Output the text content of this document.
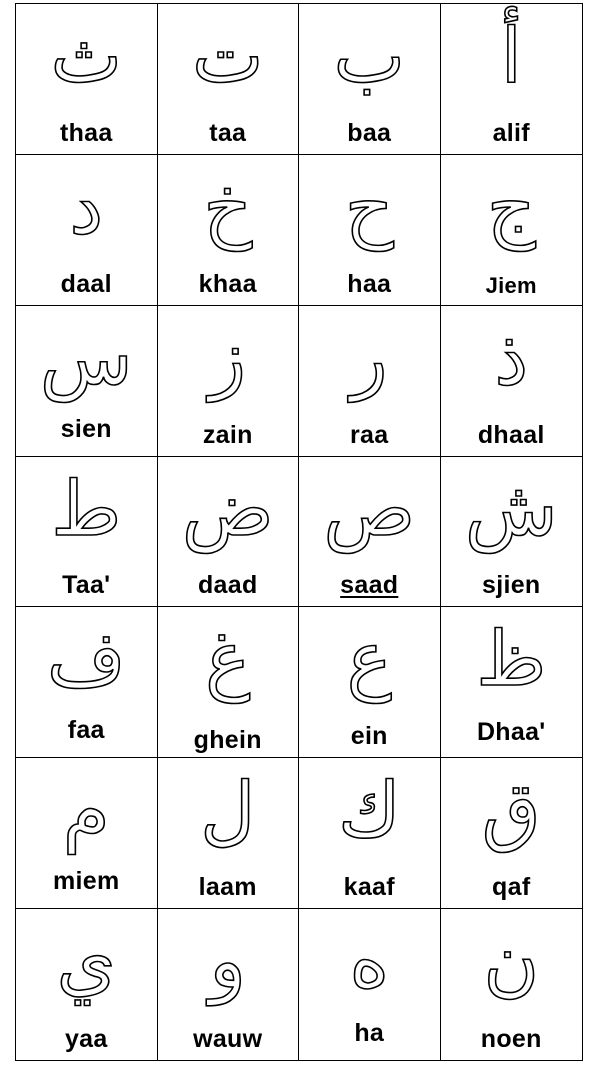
ث
thaa
ت
taa
ب
baa
أ
alif
د
daal
خ
khaa
ح
haa
ج
Jiem
س
sien
ز
zain
ر
raa
ذ
dhaal
ط
Taa'
ض
daad
ص
saad
ش
sjien
ف
faa
غ
ghein
ع
ein
ظ
Dhaa'
م
miem
ل
laam
ك
kaaf
ق
qaf
ي
yaa
و
wauw
ه
ha
ن
noen
